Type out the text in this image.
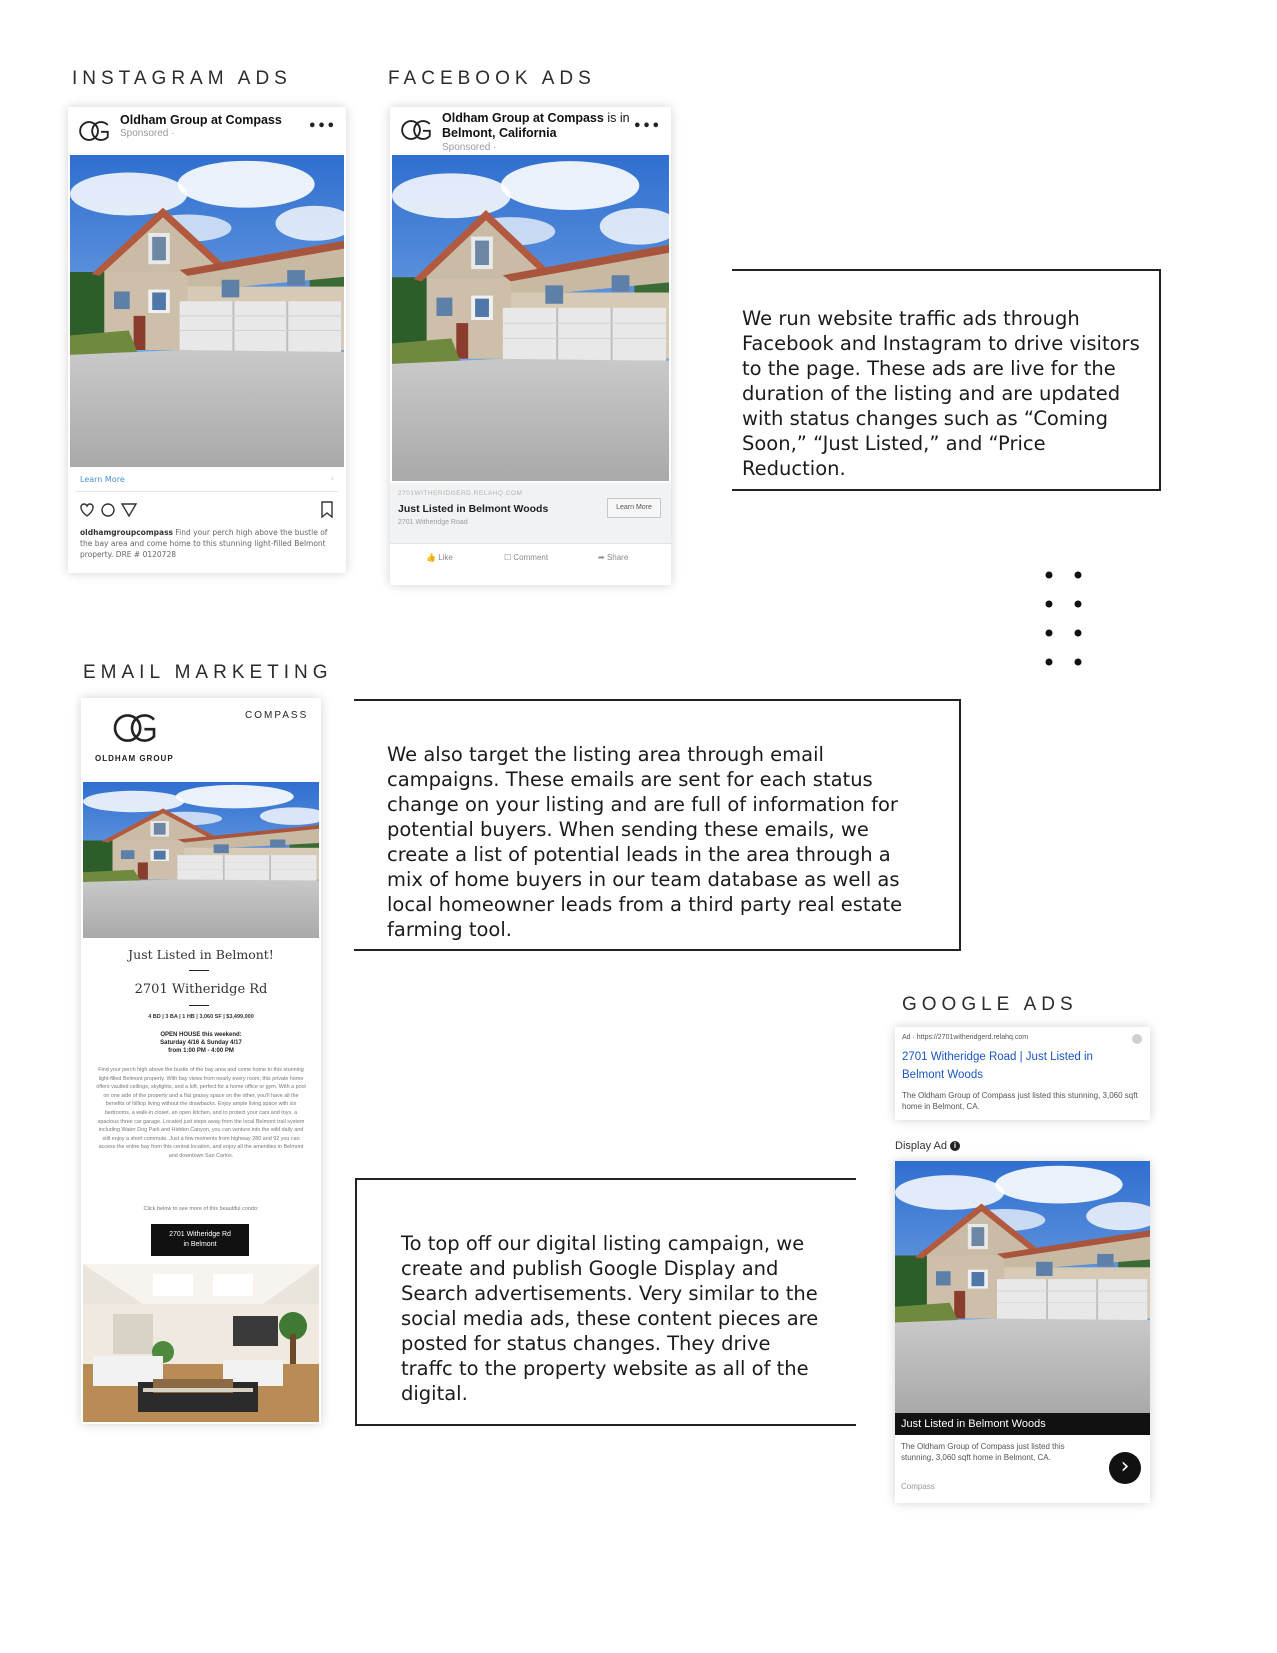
INSTAGRAM ADS
Oldham Group at Compass
Sponsored ·	•••
Learn More	›
oldhamgroupcompass Find your perch high above the bustle of the bay area and come home to this stunning light-filled Belmont property. DRE # 0120728
FACEBOOK ADS
Oldham Group at Compass is in
Belmont, California
Sponsored ·
•••
2701WITHERIDGERD.RELAHQ.COM
Just Listed in Belmont Woods
2701 Witheridge Road
Learn More
👍 Like	☐ Comment	➦ Share
We run website traffic ads through Facebook and Instagram to drive visitors to the page. These ads are live for the duration of the listing and are updated with status changes such as “Coming Soon,” “Just Listed,” and “Price Reduction.
EMAIL MARKETING
OLDHAM GROUP
COMPASS
Just Listed in Belmont!
2701 Witheridge Rd
4 BD | 3 BA | 1 HB | 3,060 SF | $3,499,000
OPEN HOUSE this weekend:
Saturday 4/16 & Sunday 4/17
from 1:00 PM - 4:00 PM
Find your perch high above the bustle of the bay area and come home to this stunning light-filled Belmont property. With bay views from nearly every room, this private home offers vaulted ceilings, skylights, and a loft, perfect for a home office or gym. With a pool on one side of the property and a flat grassy space on the other, you'll have all the benefits of hilltop living without the drawbacks. Enjoy ample living space with six bedrooms, a walk-in closet, an open kitchen, and to protect your cars and toys, a spacious three car garage. Located just steps away from the local Belmont trail system including Water Dog Park and Hidden Canyon, you can venture into the wild daily and still enjoy a short commute. Just a few moments from highway 280 and 92 you can access the entire bay from this central location, and enjoy all the amenities in Belmont and downtown San Carlos.
Click below to see more of this beautiful condo:
2701 Witheridge Rd
in Belmont
We also target the listing area through email campaigns. These emails are sent for each status change on your listing and are full of information for potential buyers. When sending these emails, we create a list of potential leads in the area through a mix of home buyers in our team database as well as local homeowner leads from a third party real estate farming tool.
GOOGLE ADS
Ad · https://2701witheridgerd.relahq.com
2701 Witheridge Road | Just Listed in
Belmont Woods
The Oldham Group of Compass just listed this stunning, 3,060 sqft home in Belmont, CA.
Display Ad i
Just Listed in Belmont Woods
The Oldham Group of Compass just listed this stunning, 3,060 sqft home in Belmont, CA.
Compass
›
To top off our digital listing campaign, we create and publish Google Display and Search advertisements. Very similar to the social media ads, these content pieces are posted for status changes. They drive traffc to the property website as all of the digital.
